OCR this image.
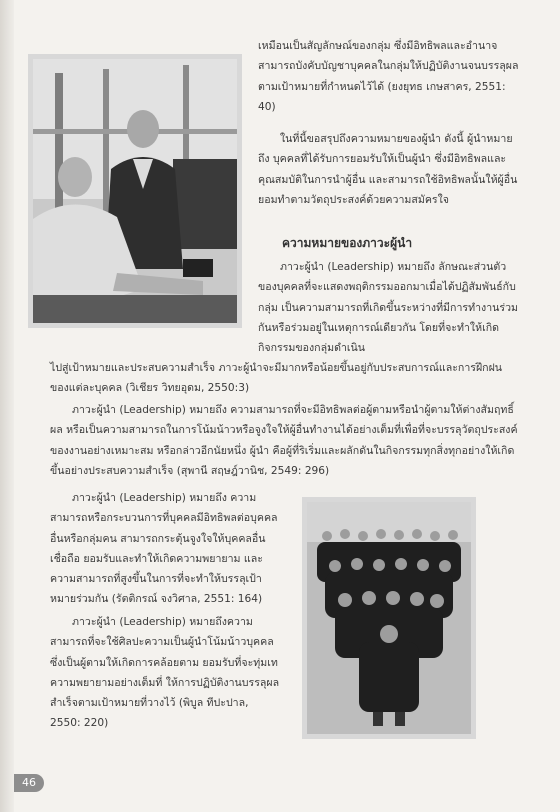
เหมือนเป็นสัญลักษณ์ของกลุ่ม ซึ่งมีอิทธิพลและอำนาจ สามารถบังคับบัญชาบุคคลในกลุ่มให้ปฏิบัติงานจนบรรลุผลตามเป้าหมายที่กำหนดไว้ได้ (ยงยุทธ เกษสาคร, 2551: 40)

ในที่นี้ขอสรุปถึงความหมายของผู้นำ ดังนี้ ผู้นำหมายถึง บุคคลที่ได้รับการยอมรับให้เป็นผู้นำ ซึ่งมีอิทธิพลและคุณสมบัติในการนำผู้อื่น และสามารถใช้อิทธิพลนั้นให้ผู้อื่นยอมทำตามวัตถุประสงค์ด้วยความสมัครใจ

ความหมายของภาวะผู้นำ

ภาวะผู้นำ (Leadership) หมายถึง ลักษณะส่วนตัวของบุคคลที่จะแสดงพฤติกรรมออกมาเมื่อได้ปฏิสัมพันธ์กับกลุ่ม เป็นความสามารถที่เกิดขึ้นระหว่างที่มีการทำงานร่วมกันหรือร่วมอยู่ในเหตุการณ์เดียวกัน โดยที่จะทำให้เกิดกิจกรรมของกลุ่มดำเนิน

ไปสู่เป้าหมายและประสบความสำเร็จ ภาวะผู้นำจะมีมากหรือน้อยขึ้นอยู่กับประสบการณ์และการฝึกฝนของแต่ละบุคคล (วิเชียร วิทยอุดม, 2550:3)

ภาวะผู้นำ (Leadership) หมายถึง ความสามารถที่จะมีอิทธิพลต่อผู้ตามหรือนำผู้ตามให้ต่างสัมฤทธิ์ผล หรือเป็นความสามารถในการโน้มน้าวหรือจูงใจให้ผู้อื่นทำงานได้อย่างเต็มที่เพื่อที่จะบรรลุวัตถุประสงค์ของงานอย่างเหมาะสม หรือกล่าวอีกนัยหนึ่ง ผู้นำ คือผู้ที่ริเริ่มและผลักดันในกิจกรรมทุกสิ่งทุกอย่างให้เกิดขึ้นอย่างประสบความสำเร็จ (สุพานี สฤษฎ์วานิช, 2549: 296)

ภาวะผู้นำ (Leadership) หมายถึง ความสามารถหรือกระบวนการที่บุคคลมีอิทธิพลต่อบุคคลอื่นหรือกลุ่มคน สามารถกระตุ้นจูงใจให้บุคคลอื่นเชื่อถือ ยอมรับและทำให้เกิดความพยายาม และความสามารถที่สูงขึ้นในการที่จะทำให้บรรลุเป้าหมายร่วมกัน (รัตติกรณ์ จงวิศาล, 2551: 164)

ภาวะผู้นำ (Leadership) หมายถึงความสามารถที่จะใช้ศิลปะความเป็นผู้นำโน้มน้าวบุคคลซึ่งเป็นผู้ตามให้เกิดการคล้อยตาม ยอมรับที่จะทุ่มเทความพยายามอย่างเต็มที่ ให้การปฏิบัติงานบรรลุผลสำเร็จตามเป้าหมายที่วางไว้ (พิบูล ทีปะปาล, 2550: 220)

46
